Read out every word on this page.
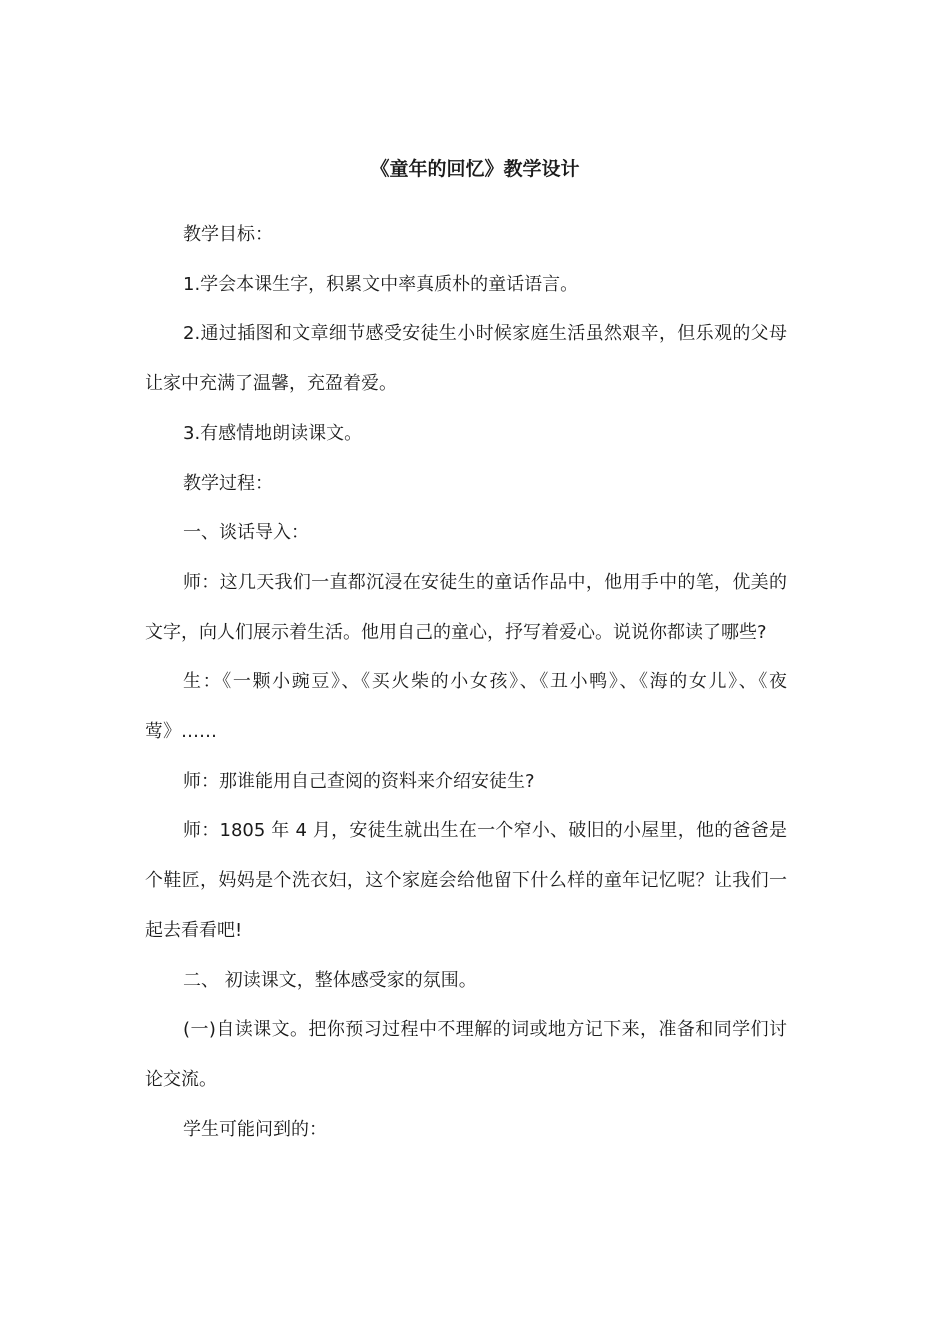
《童年的回忆》教学设计

教学目标：

1.学会本课生字，积累文中率真质朴的童话语言。

2.通过插图和文章细节感受安徒生小时候家庭生活虽然艰辛，但乐观的父母让家中充满了温馨，充盈着爱。

3.有感情地朗读课文。

教学过程：

一、谈话导入：

师：这几天我们一直都沉浸在安徒生的童话作品中，他用手中的笔，优美的文字，向人们展示着生活。他用自己的童心，抒写着爱心。说说你都读了哪些?

生：《一颗小豌豆》、《买火柴的小女孩》、《丑小鸭》、《海的女儿》、《夜莺》……

师：那谁能用自己查阅的资料来介绍安徒生?

师：1805 年 4 月，安徒生就出生在一个窄小、破旧的小屋里，他的爸爸是个鞋匠，妈妈是个洗衣妇，这个家庭会给他留下什么样的童年记忆呢？让我们一起去看看吧!

二、 初读课文，整体感受家的氛围。

(一)自读课文。把你预习过程中不理解的词或地方记下来，准备和同学们讨论交流。

学生可能问到的：
